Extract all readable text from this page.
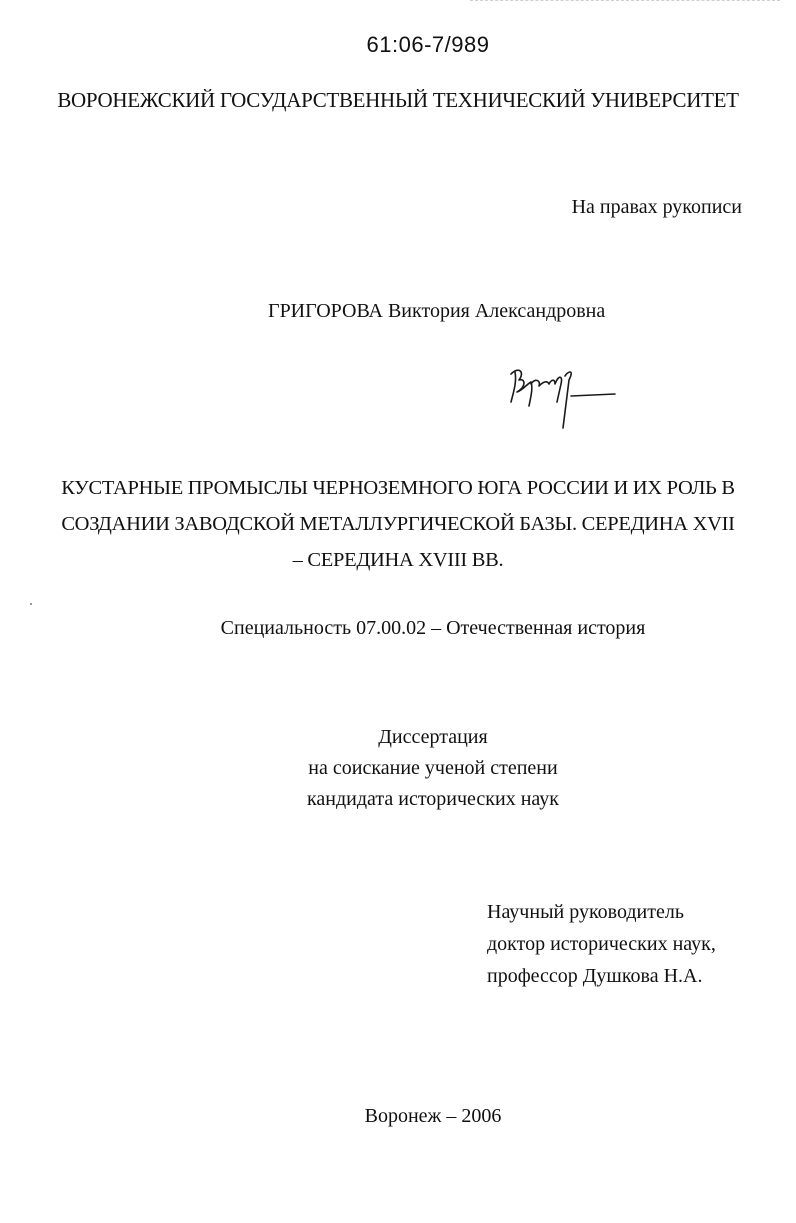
61:06-7/989
ВОРОНЕЖСКИЙ ГОСУДАРСТВЕННЫЙ ТЕХНИЧЕСКИЙ УНИВЕРСИТЕТ
На правах рукописи
ГРИГОРОВА Виктория Александровна
КУСТАРНЫЕ ПРОМЫСЛЫ ЧЕРНОЗЕМНОГО ЮГА РОССИИ И ИХ РОЛЬ В
СОЗДАНИИ ЗАВОДСКОЙ МЕТАЛЛУРГИЧЕСКОЙ БАЗЫ. СЕРЕДИНА XVII
– СЕРЕДИНА XVIII ВВ.
Специальность 07.00.02 – Отечественная история
Диссертация
на соискание ученой степени
кандидата исторических наук
Научный руководитель
доктор исторических наук,
профессор Душкова Н.А.
Воронеж – 2006
